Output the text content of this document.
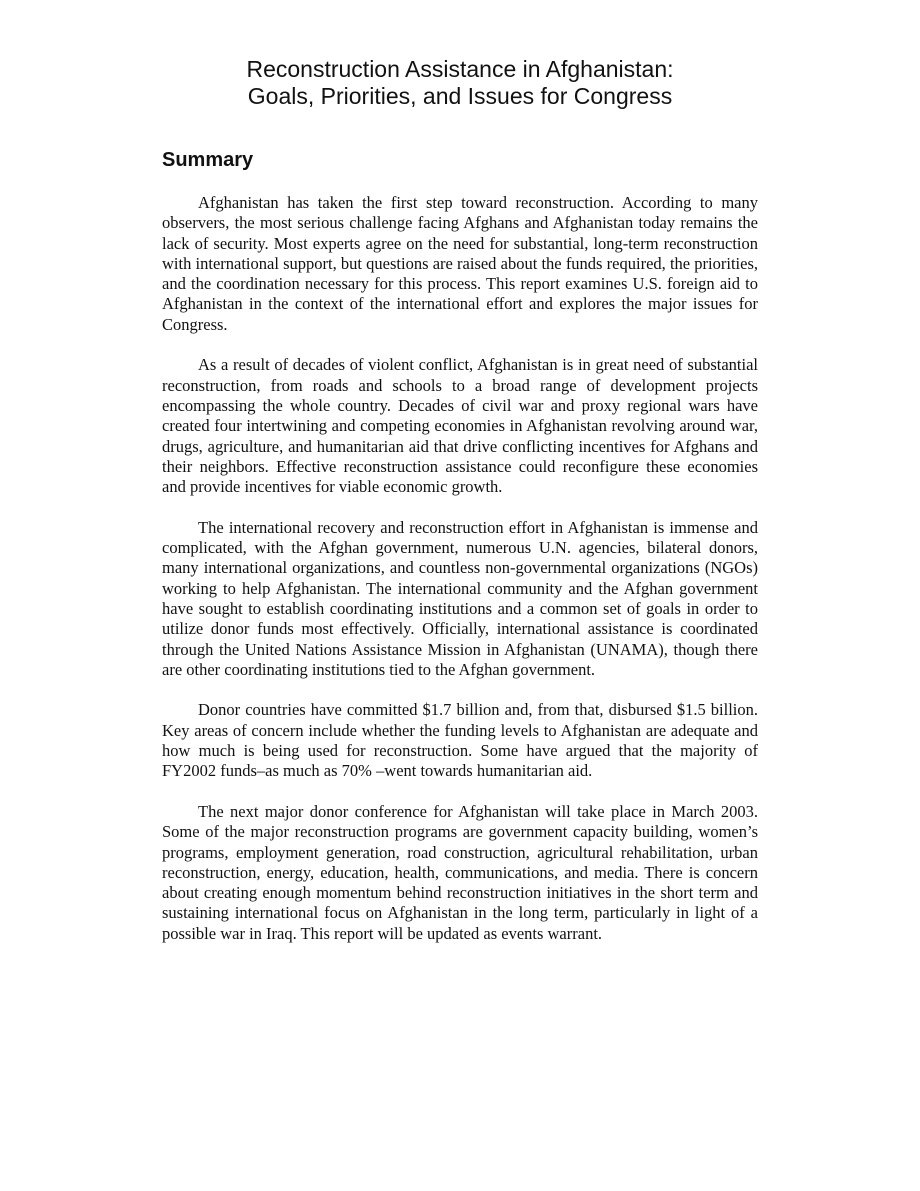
Reconstruction Assistance in Afghanistan:
Goals, Priorities, and Issues for Congress
Summary

Afghanistan has taken the first step toward reconstruction. According to many observers, the most serious challenge facing Afghans and Afghanistan today remains the lack of security. Most experts agree on the need for substantial, long-term reconstruction with international support, but questions are raised about the funds required, the priorities, and the coordination necessary for this process. This report examines U.S. foreign aid to Afghanistan in the context of the international effort and explores the major issues for Congress.

As a result of decades of violent conflict, Afghanistan is in great need of substantial reconstruction, from roads and schools to a broad range of development projects encompassing the whole country. Decades of civil war and proxy regional wars have created four intertwining and competing economies in Afghanistan revolving around war, drugs, agriculture, and humanitarian aid that drive conflicting incentives for Afghans and their neighbors. Effective reconstruction assistance could reconfigure these economies and provide incentives for viable economic growth.

The international recovery and reconstruction effort in Afghanistan is immense and complicated, with the Afghan government, numerous U.N. agencies, bilateral donors, many international organizations, and countless non-governmental organizations (NGOs) working to help Afghanistan. The international community and the Afghan government have sought to establish coordinating institutions and a common set of goals in order to utilize donor funds most effectively. Officially, international assistance is coordinated through the United Nations Assistance Mission in Afghanistan (UNAMA), though there are other coordinating institutions tied to the Afghan government.

Donor countries have committed $1.7 billion and, from that, disbursed $1.5 billion. Key areas of concern include whether the funding levels to Afghanistan are adequate and how much is being used for reconstruction. Some have argued that the majority of FY2002 funds–as much as 70% –went towards humanitarian aid.

The next major donor conference for Afghanistan will take place in March 2003. Some of the major reconstruction programs are government capacity building, women’s programs, employment generation, road construction, agricultural rehabilitation, urban reconstruction, energy, education, health, communications, and media. There is concern about creating enough momentum behind reconstruction initiatives in the short term and sustaining international focus on Afghanistan in the long term, particularly in light of a possible war in Iraq. This report will be updated as events warrant.
